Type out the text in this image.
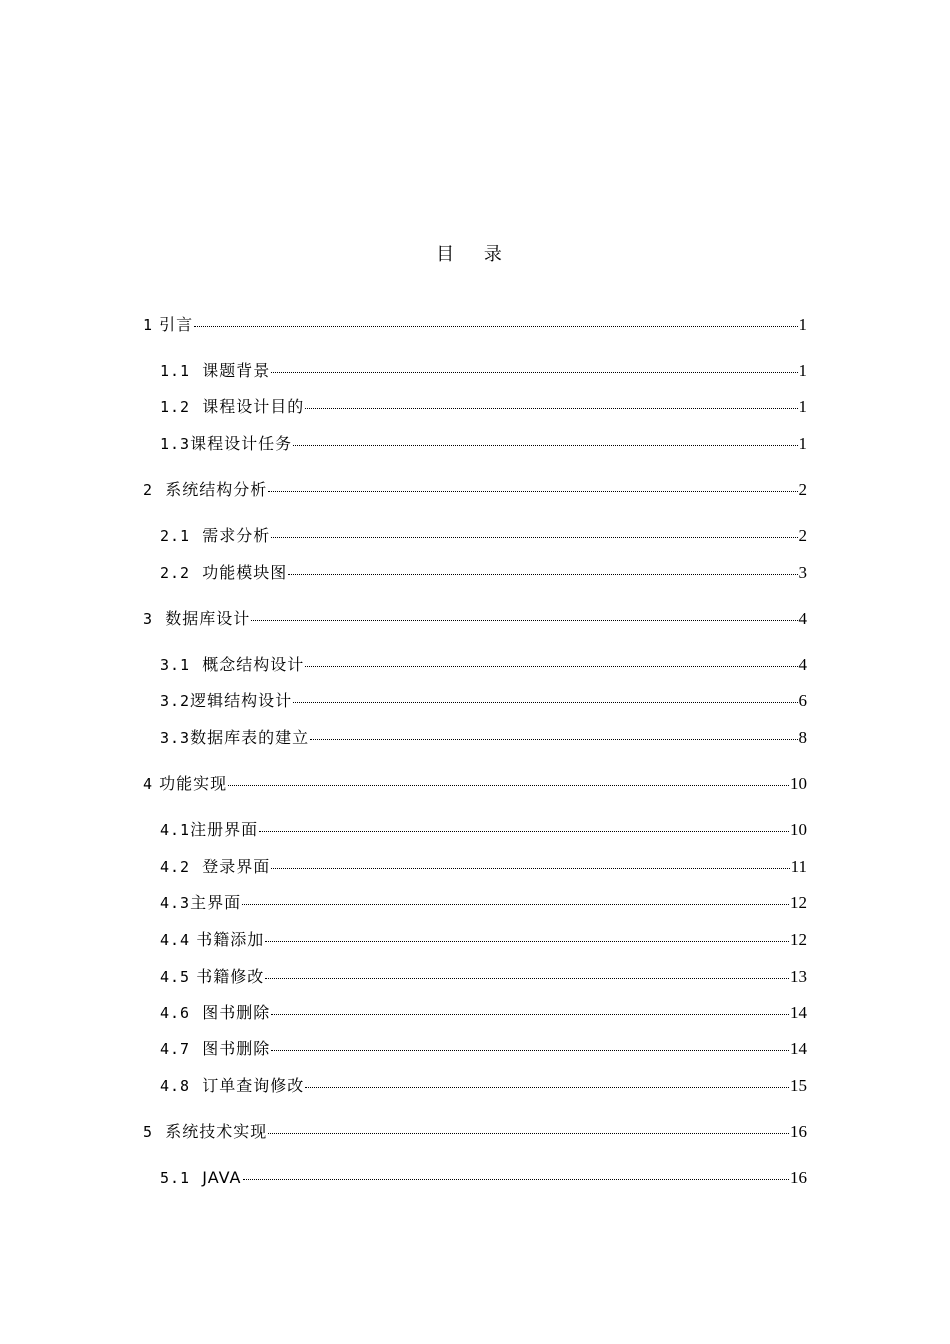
目 录
1 引言	1
1.1 课题背景	1
1.2 课程设计目的	1
1.3课程设计任务	1
2 系统结构分析	2
2.1 需求分析	2
2.2 功能模块图	3
3 数据库设计	4
3.1 概念结构设计	4
3.2逻辑结构设计	6
3.3数据库表的建立	8
4 功能实现	10
4.1注册界面	10
4.2 登录界面	11
4.3主界面	12
4.4 书籍添加	12
4.5 书籍修改	13
4.6 图书删除	14
4.7 图书删除	14
4.8 订单查询修改	15
5 系统技术实现	16
5.1 JAVA	16
